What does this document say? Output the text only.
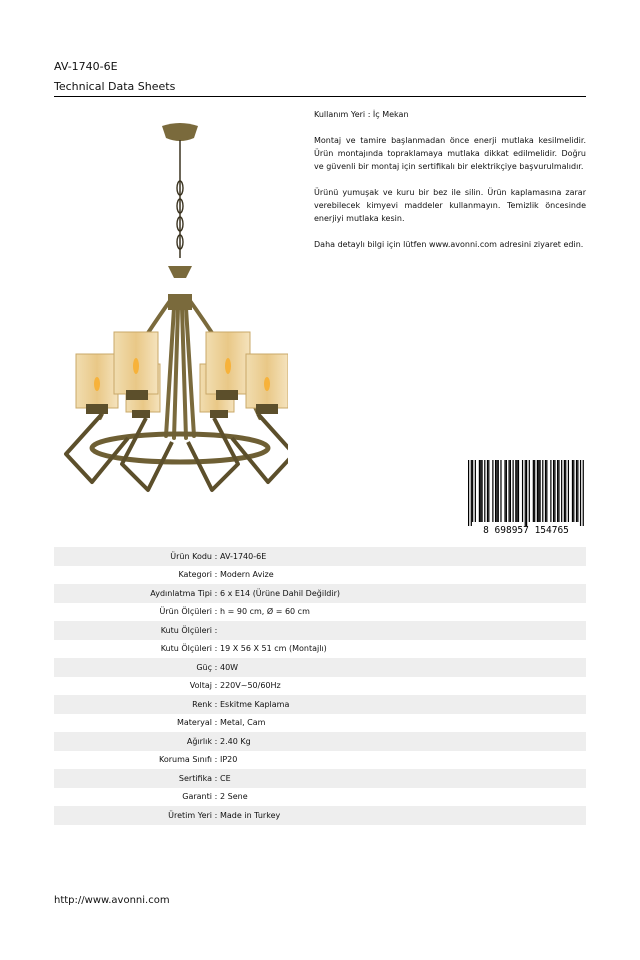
AV-1740-6E
Technical Data Sheets

Kullanım Yeri : İç Mekan

Montaj ve tamire başlanmadan önce enerji mutlaka kesilmelidir. Ürün montajında topraklamaya mutlaka dikkat edilmelidir. Doğru ve güvenli bir montaj için sertifikalı bir elektrikçiye başvurulmalıdır.

Ürünü yumuşak ve kuru bir bez ile silin. Ürün kaplamasına zarar verebilecek kimyevi maddeler kullanmayın. Temizlik öncesinde enerjiyi mutlaka kesin.

Daha detaylı bilgi için lütfen www.avonni.com adresini ziyaret edin.

8 698957 154765
Ürün Kodu : AV-1740-6E
Kategori : Modern Avize
Aydınlatma Tipi : 6 x E14 (Ürüne Dahil Değildir)
Ürün Ölçüleri : h = 90 cm, Ø = 60 cm
Kutu Ölçüleri :
Kutu Ölçüleri : 19 X 56 X 51 cm (Montajlı)
Güç : 40W
Voltaj : 220V~50/60Hz
Renk : Eskitme Kaplama
Materyal : Metal, Cam
Ağırlık : 2.40 Kg
Koruma Sınıfı : IP20
Sertifika : CE
Garanti : 2 Sene
Üretim Yeri : Made in Turkey
http://www.avonni.com
